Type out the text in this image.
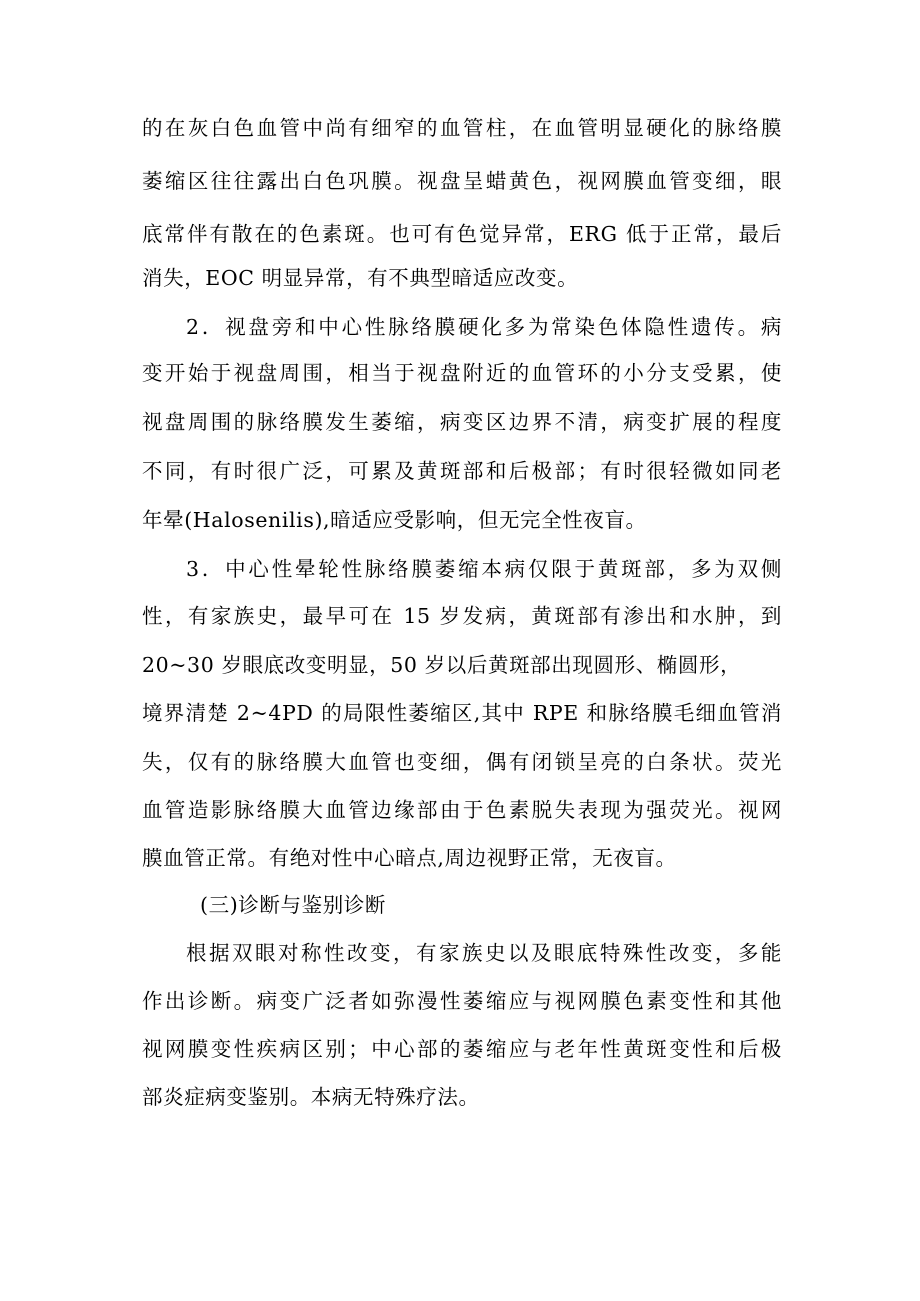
的在灰白色血管中尚有细窄的血管柱，在血管明显硬化的脉络膜
萎缩区往往露出白色巩膜。视盘呈蜡黄色，视网膜血管变细，眼
底常伴有散在的色素斑。也可有色觉异常，ERG 低于正常，最后
消失，EOC 明显异常，有不典型暗适应改变。
2．视盘旁和中心性脉络膜硬化多为常染色体隐性遗传。病
变开始于视盘周围，相当于视盘附近的血管环的小分支受累，使
视盘周围的脉络膜发生萎缩，病变区边界不清，病变扩展的程度
不同，有时很广泛，可累及黄斑部和后极部；有时很轻微如同老
年晕(Halosenilis),暗适应受影响，但无完全性夜盲。
3．中心性晕轮性脉络膜萎缩本病仅限于黄斑部，多为双侧
性，有家族史，最早可在 15 岁发病，黄斑部有渗出和水肿，到
20~30 岁眼底改变明显，50 岁以后黄斑部出现圆形、椭圆形，
境界清楚 2~4PD 的局限性萎缩区,其中 RPE 和脉络膜毛细血管消
失，仅有的脉络膜大血管也变细，偶有闭锁呈亮的白条状。荧光
血管造影脉络膜大血管边缘部由于色素脱失表现为强荧光。视网
膜血管正常。有绝对性中心暗点,周边视野正常，无夜盲。
(三)诊断与鉴别诊断
根据双眼对称性改变，有家族史以及眼底特殊性改变，多能
作出诊断。病变广泛者如弥漫性萎缩应与视网膜色素变性和其他
视网膜变性疾病区别；中心部的萎缩应与老年性黄斑变性和后极
部炎症病变鉴别。本病无特殊疗法。
